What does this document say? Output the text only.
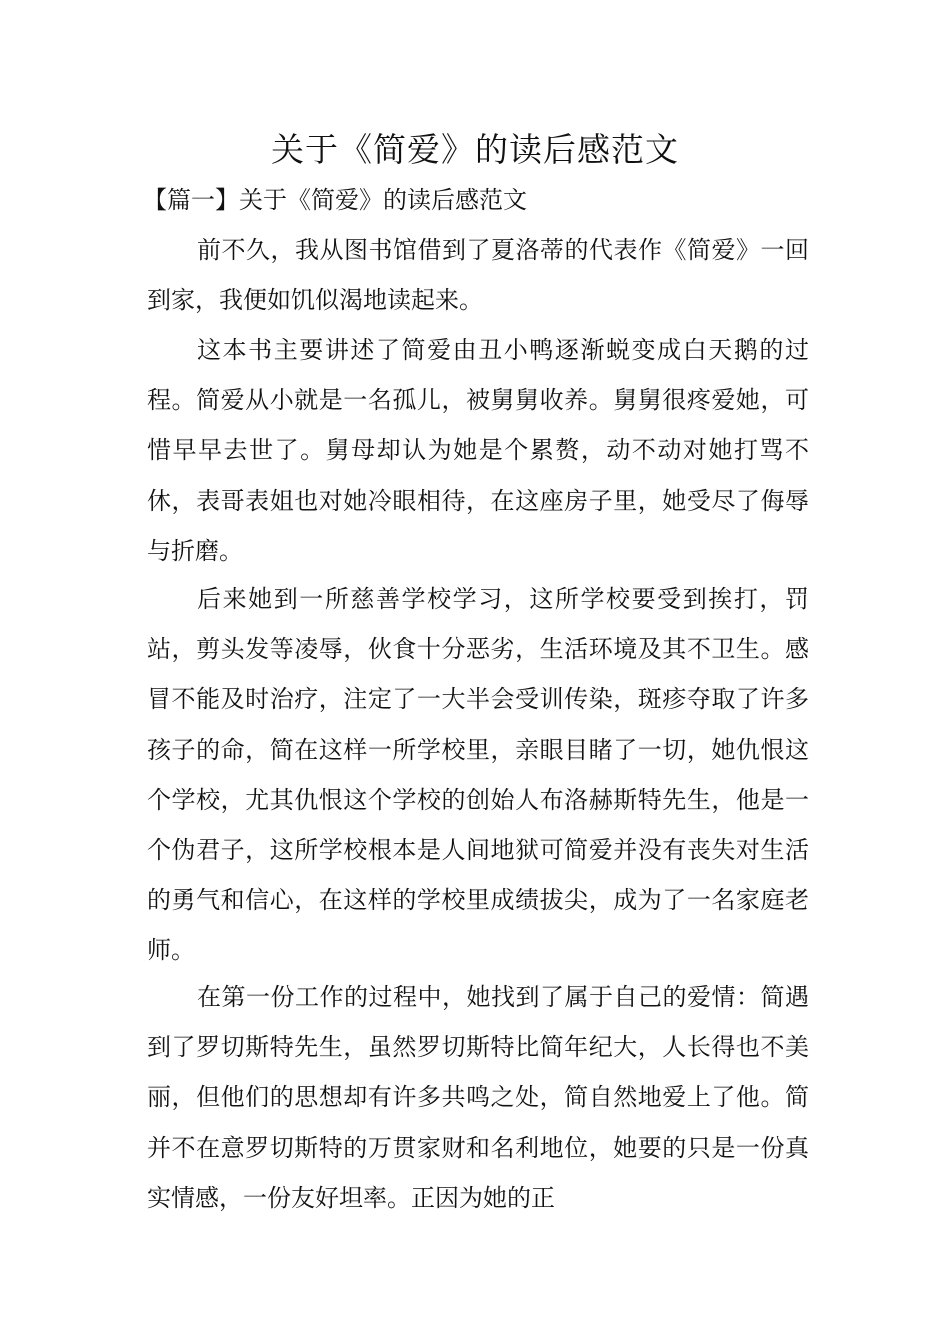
关于《简爱》的读后感范文

【篇一】关于《简爱》的读后感范文

前不久，我从图书馆借到了夏洛蒂的代表作《简爱》一回到家，我便如饥似渴地读起来。

这本书主要讲述了简爱由丑小鸭逐渐蜕变成白天鹅的过程。简爱从小就是一名孤儿，被舅舅收养。舅舅很疼爱她，可惜早早去世了。舅母却认为她是个累赘，动不动对她打骂不休，表哥表姐也对她冷眼相待，在这座房子里，她受尽了侮辱与折磨。

后来她到一所慈善学校学习，这所学校要受到挨打，罚站，剪头发等凌辱，伙食十分恶劣，生活环境及其不卫生。感冒不能及时治疗，注定了一大半会受训传染，斑疹夺取了许多孩子的命，简在这样一所学校里，亲眼目睹了一切，她仇恨这个学校，尤其仇恨这个学校的创始人布洛赫斯特先生，他是一个伪君子，这所学校根本是人间地狱可简爱并没有丧失对生活的勇气和信心，在这样的学校里成绩拔尖，成为了一名家庭老师。

在第一份工作的过程中，她找到了属于自己的爱情：简遇到了罗切斯特先生，虽然罗切斯特比简年纪大，人长得也不美丽，但他们的思想却有许多共鸣之处，简自然地爱上了他。简并不在意罗切斯特的万贯家财和名利地位，她要的只是一份真实情感，一份友好坦率。正因为她的正
